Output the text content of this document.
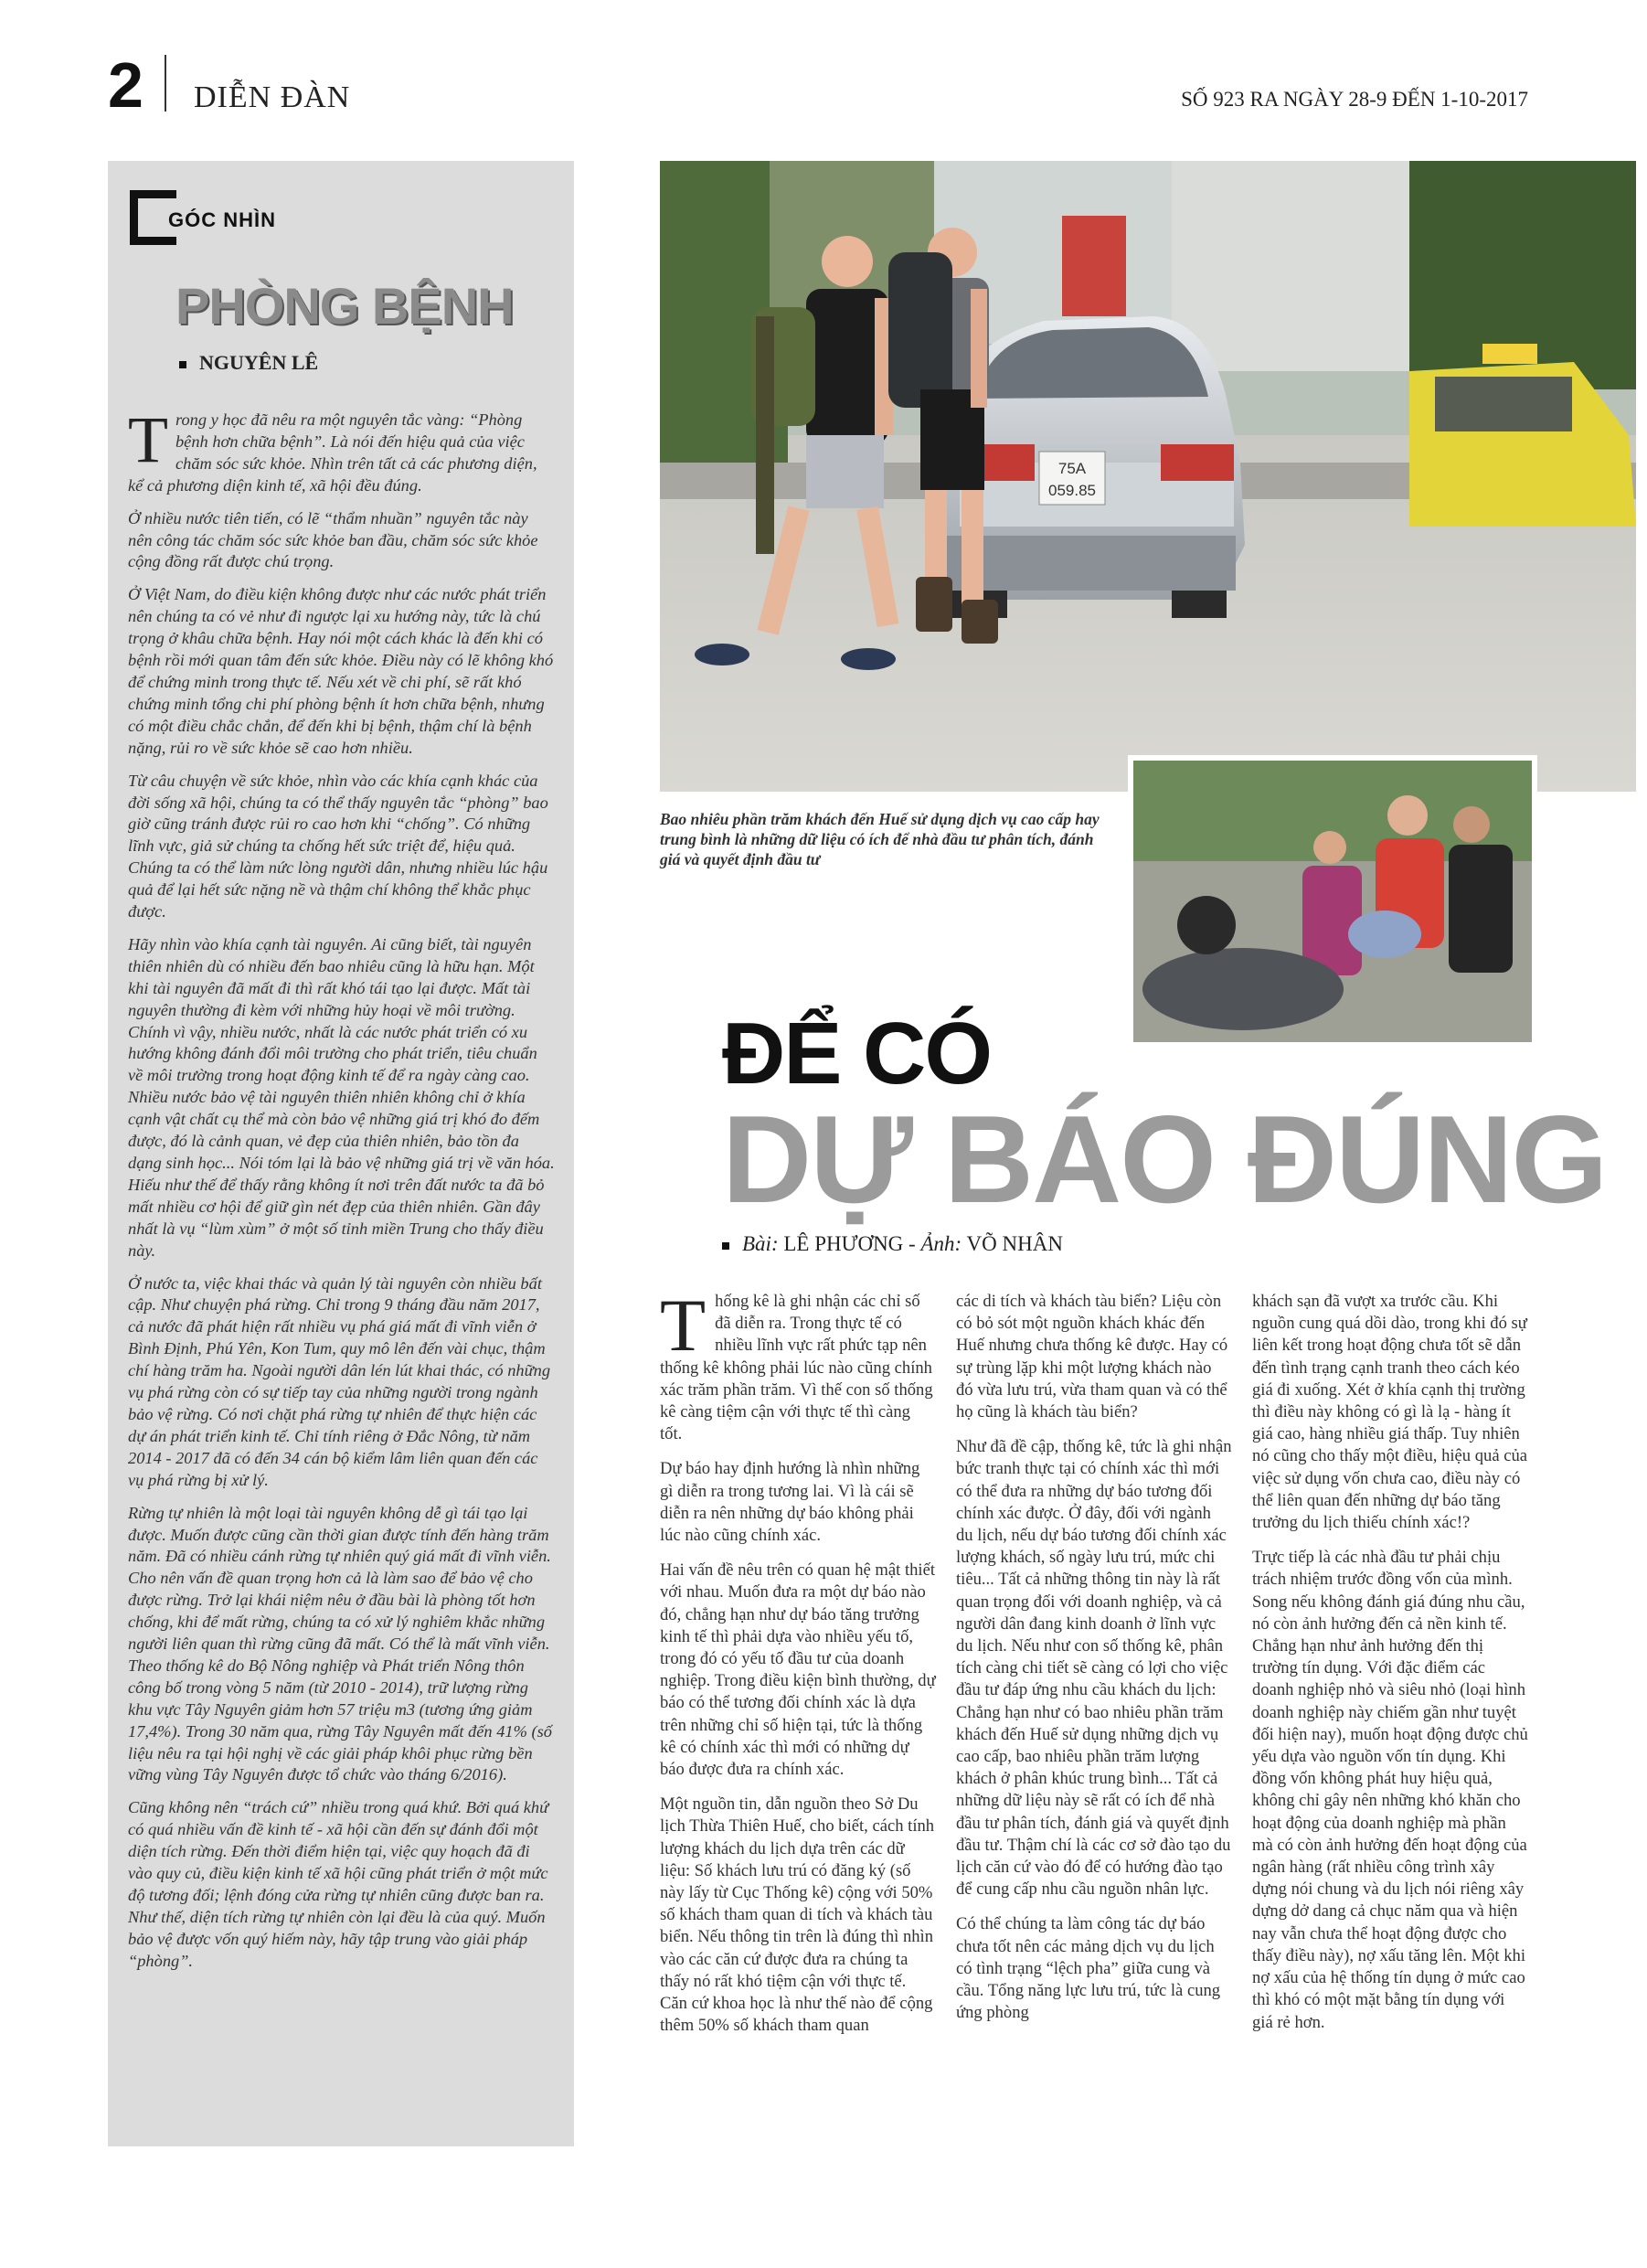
2 DIỄN ĐÀN	SỐ 923 RA NGÀY 28-9 ĐẾN 1-10-2017
GÓC NHÌN
PHÒNG BỆNH
NGUYÊN LÊ

Trong y học đã nêu ra một nguyên tắc vàng: “Phòng bệnh hơn chữa bệnh”. Là nói đến hiệu quả của việc chăm sóc sức khỏe. Nhìn trên tất cả các phương diện, kể cả phương diện kinh tế, xã hội đều đúng.

Ở nhiều nước tiên tiến, có lẽ “thẩm nhuần” nguyên tắc này nên công tác chăm sóc sức khỏe ban đầu, chăm sóc sức khỏe cộng đồng rất được chú trọng.

Ở Việt Nam, do điều kiện không được như các nước phát triển nên chúng ta có vẻ như đi ngược lại xu hướng này, tức là chú trọng ở khâu chữa bệnh. Hay nói một cách khác là đến khi có bệnh rồi mới quan tâm đến sức khỏe. Điều này có lẽ không khó để chứng minh trong thực tế. Nếu xét về chi phí, sẽ rất khó chứng minh tổng chi phí phòng bệnh ít hơn chữa bệnh, nhưng có một điều chắc chắn, để đến khi bị bệnh, thậm chí là bệnh nặng, rủi ro về sức khỏe sẽ cao hơn nhiều.

Từ câu chuyện về sức khỏe, nhìn vào các khía cạnh khác của đời sống xã hội, chúng ta có thể thấy nguyên tắc “phòng” bao giờ cũng tránh được rủi ro cao hơn khi “chống”. Có những lĩnh vực, giả sử chúng ta chống hết sức triệt để, hiệu quả. Chúng ta có thể làm nức lòng người dân, nhưng nhiều lúc hậu quả để lại hết sức nặng nề và thậm chí không thể khắc phục được.

Hãy nhìn vào khía cạnh tài nguyên. Ai cũng biết, tài nguyên thiên nhiên dù có nhiều đến bao nhiêu cũng là hữu hạn. Một khi tài nguyên đã mất đi thì rất khó tái tạo lại được. Mất tài nguyên thường đi kèm với những hủy hoại về môi trường. Chính vì vậy, nhiều nước, nhất là các nước phát triển có xu hướng không đánh đổi môi trường cho phát triển, tiêu chuẩn về môi trường trong hoạt động kinh tế để ra ngày càng cao. Nhiều nước bảo vệ tài nguyên thiên nhiên không chỉ ở khía cạnh vật chất cụ thể mà còn bảo vệ những giá trị khó đo đếm được, đó là cảnh quan, vẻ đẹp của thiên nhiên, bảo tồn đa dạng sinh học... Nói tóm lại là bảo vệ những giá trị về văn hóa. Hiếu như thế để thấy rằng không ít nơi trên đất nước ta đã bỏ mất nhiều cơ hội để giữ gìn nét đẹp của thiên nhiên. Gần đây nhất là vụ “lùm xùm” ở một số tỉnh miền Trung cho thấy điều này.

Ở nước ta, việc khai thác và quản lý tài nguyên còn nhiều bất cập. Như chuyện phá rừng. Chỉ trong 9 tháng đầu năm 2017, cả nước đã phát hiện rất nhiều vụ phá giá mất đi vĩnh viễn ở Bình Định, Phú Yên, Kon Tum, quy mô lên đến vài chục, thậm chí hàng trăm ha. Ngoài người dân lén lút khai thác, có những vụ phá rừng còn có sự tiếp tay của những người trong ngành bảo vệ rừng. Có nơi chặt phá rừng tự nhiên để thực hiện các dự án phát triển kinh tế. Chỉ tính riêng ở Đắc Nông, từ năm 2014 - 2017 đã có đến 34 cán bộ kiểm lâm liên quan đến các vụ phá rừng bị xử lý.

Rừng tự nhiên là một loại tài nguyên không dễ gì tái tạo lại được. Muốn được cũng cần thời gian được tính đến hàng trăm năm. Đã có nhiều cánh rừng tự nhiên quý giá mất đi vĩnh viễn. Cho nên vấn đề quan trọng hơn cả là làm sao để bảo vệ cho được rừng. Trở lại khái niệm nêu ở đầu bài là phòng tốt hơn chống, khi để mất rừng, chúng ta có xử lý nghiêm khắc những người liên quan thì rừng cũng đã mất. Có thể là mất vĩnh viễn. Theo thống kê do Bộ Nông nghiệp và Phát triển Nông thôn công bố trong vòng 5 năm (từ 2010 - 2014), trữ lượng rừng khu vực Tây Nguyên giảm hơn 57 triệu m3 (tương ứng giảm 17,4%). Trong 30 năm qua, rừng Tây Nguyên mất đến 41% (số liệu nêu ra tại hội nghị về các giải pháp khôi phục rừng bền vững vùng Tây Nguyên được tổ chức vào tháng 6/2016).

Cũng không nên “trách cứ” nhiều trong quá khứ. Bởi quá khứ có quá nhiều vấn đề kinh tế - xã hội cần đến sự đánh đổi một diện tích rừng. Đến thời điểm hiện tại, việc quy hoạch đã đi vào quy củ, điều kiện kinh tế xã hội cũng phát triển ở một mức độ tương đối; lệnh đóng cửa rừng tự nhiên cũng được ban ra. Như thế, diện tích rừng tự nhiên còn lại đều là của quý. Muốn bảo vệ được vốn quý hiếm này, hãy tập trung vào giải pháp “phòng”.

75A
059.85
Bao nhiêu phần trăm khách đến Huế sử dụng dịch vụ cao cấp hay trung bình là những dữ liệu có ích để nhà đầu tư phân tích, đánh giá và quyết định đầu tư
ĐỂ CÓ
DỰ BÁO ĐÚNG
Bài: LÊ PHƯƠNG - Ảnh: VÕ NHÂN

Thống kê là ghi nhận các chỉ số đã diễn ra. Trong thực tế có nhiều lĩnh vực rất phức tạp nên thống kê không phải lúc nào cũng chính xác trăm phần trăm. Vì thế con số thống kê càng tiệm cận với thực tế thì càng tốt.

Dự báo hay định hướng là nhìn những gì diễn ra trong tương lai. Vì là cái sẽ diễn ra nên những dự báo không phải lúc nào cũng chính xác.

Hai vấn đề nêu trên có quan hệ mật thiết với nhau. Muốn đưa ra một dự báo nào đó, chẳng hạn như dự báo tăng trưởng kinh tế thì phải dựa vào nhiều yếu tố, trong đó có yếu tố đầu tư của doanh nghiệp. Trong điều kiện bình thường, dự báo có thể tương đối chính xác là dựa trên những chỉ số hiện tại, tức là thống kê có chính xác thì mới có những dự báo được đưa ra chính xác.

Một nguồn tin, dẫn nguồn theo Sở Du lịch Thừa Thiên Huế, cho biết, cách tính lượng khách du lịch dựa trên các dữ liệu: Số khách lưu trú có đăng ký (số này lấy từ Cục Thống kê) cộng với 50% số khách tham quan di tích và khách tàu biển. Nếu thông tin trên là đúng thì nhìn vào các căn cứ được đưa ra chúng ta thấy nó rất khó tiệm cận với thực tế. Căn cứ khoa học là như thế nào để cộng thêm 50% số khách tham quan

các di tích và khách tàu biển? Liệu còn có bỏ sót một nguồn khách khác đến Huế nhưng chưa thống kê được. Hay có sự trùng lặp khi một lượng khách nào đó vừa lưu trú, vừa tham quan và có thể họ cũng là khách tàu biển?

Như đã đề cập, thống kê, tức là ghi nhận bức tranh thực tại có chính xác thì mới có thể đưa ra những dự báo tương đối chính xác được. Ở đây, đối với ngành du lịch, nếu dự báo tương đối chính xác lượng khách, số ngày lưu trú, mức chi tiêu... Tất cả những thông tin này là rất quan trọng đối với doanh nghiệp, và cả người dân đang kinh doanh ở lĩnh vực du lịch. Nếu như con số thống kê, phân tích càng chi tiết sẽ càng có lợi cho việc đầu tư đáp ứng nhu cầu khách du lịch: Chẳng hạn như có bao nhiêu phần trăm khách đến Huế sử dụng những dịch vụ cao cấp, bao nhiêu phần trăm lượng khách ở phân khúc trung bình... Tất cả những dữ liệu này sẽ rất có ích để nhà đầu tư phân tích, đánh giá và quyết định đầu tư. Thậm chí là các cơ sở đào tạo du lịch căn cứ vào đó để có hướng đào tạo để cung cấp nhu cầu nguồn nhân lực.

Có thể chúng ta làm công tác dự báo chưa tốt nên các mảng dịch vụ du lịch có tình trạng “lệch pha” giữa cung và cầu. Tổng năng lực lưu trú, tức là cung ứng phòng

khách sạn đã vượt xa trước cầu. Khi nguồn cung quá dồi dào, trong khi đó sự liên kết trong hoạt động chưa tốt sẽ dẫn đến tình trạng cạnh tranh theo cách kéo giá đi xuống. Xét ở khía cạnh thị trường thì điều này không có gì là lạ - hàng ít giá cao, hàng nhiều giá thấp. Tuy nhiên nó cũng cho thấy một điều, hiệu quả của việc sử dụng vốn chưa cao, điều này có thể liên quan đến những dự báo tăng trưởng du lịch thiếu chính xác!?

Trực tiếp là các nhà đầu tư phải chịu trách nhiệm trước đồng vốn của mình. Song nếu không đánh giá đúng nhu cầu, nó còn ảnh hưởng đến cả nền kinh tế. Chẳng hạn như ảnh hưởng đến thị trường tín dụng. Với đặc điểm các doanh nghiệp nhỏ và siêu nhỏ (loại hình doanh nghiệp này chiếm gần như tuyệt đối hiện nay), muốn hoạt động được chủ yếu dựa vào nguồn vốn tín dụng. Khi đồng vốn không phát huy hiệu quả, không chỉ gây nên những khó khăn cho hoạt động của doanh nghiệp mà phần mà có còn ảnh hưởng đến hoạt động của ngân hàng (rất nhiều công trình xây dựng nói chung và du lịch nói riêng xây dựng dở dang cả chục năm qua và hiện nay vẫn chưa thể hoạt động được cho thấy điều này), nợ xấu tăng lên. Một khi nợ xấu của hệ thống tín dụng ở mức cao thì khó có một mặt bằng tín dụng với giá rẻ hơn.
